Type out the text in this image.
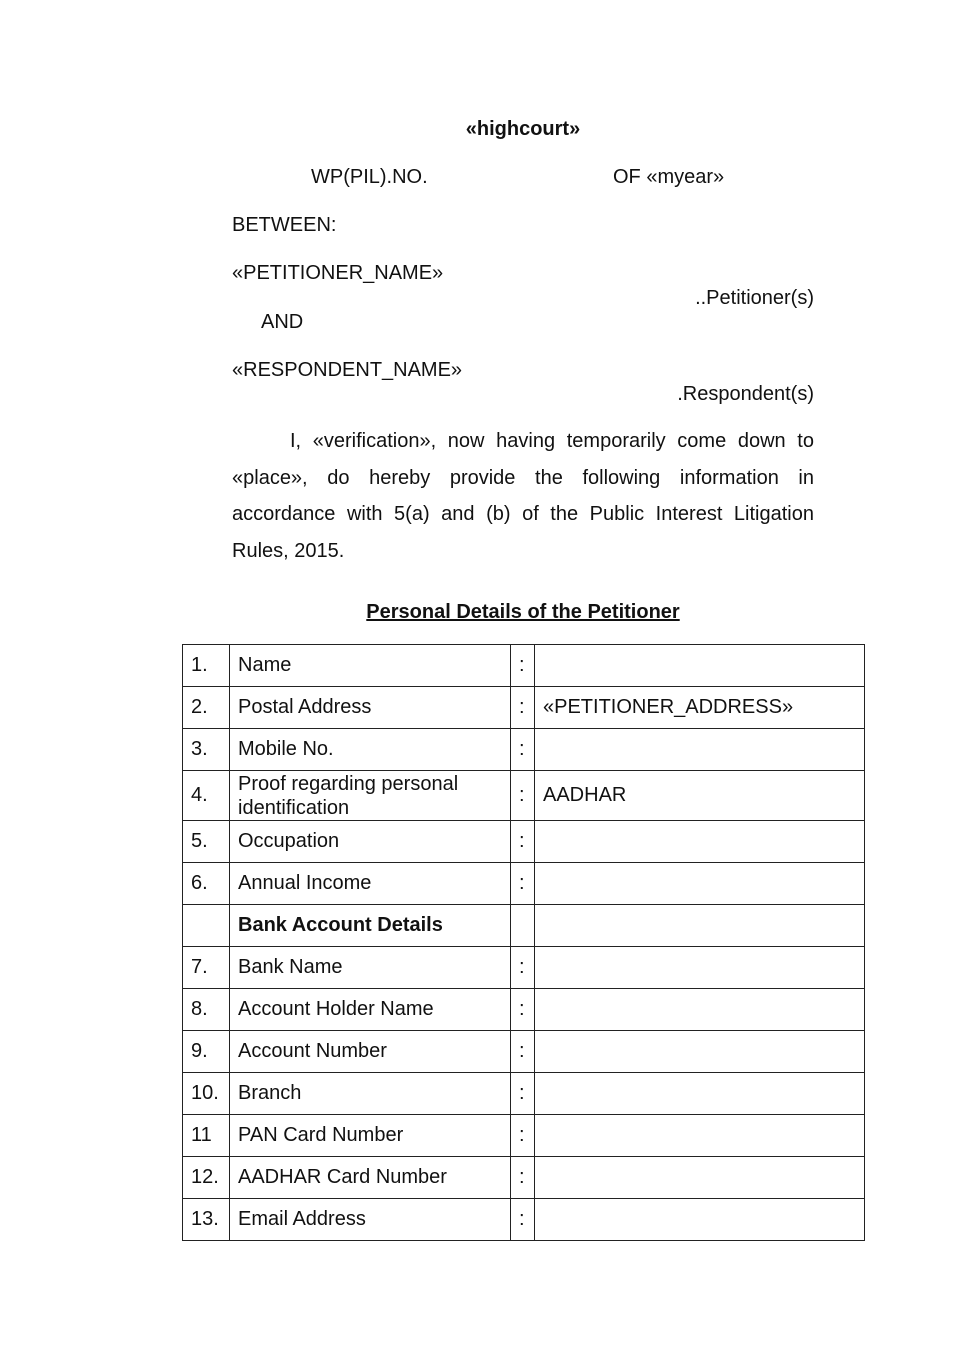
«highcourt»
WP(PIL).NO.	OF «myear»
BETWEEN:
«PETITIONER_NAME»
..Petitioner(s)
AND
«RESPONDENT_NAME»
.Respondent(s)
I, «verification», now having temporarily come down to «place», do hereby provide the following information in accordance with 5(a) and (b) of the Public Interest Litigation Rules, 2015.
Personal Details of the Petitioner
1.	Name	:	
2.	Postal Address	:	«PETITIONER_ADDRESS»
3.	Mobile No.	:	
4.	Proof regarding personal identification	:	AADHAR
5.	Occupation	:	
6.	Annual Income	:	
	Bank Account Details		
7.	Bank Name	:	
8.	Account Holder Name	:	
9.	Account Number	:	
10.	Branch	:	
11	PAN Card Number	:	
12.	AADHAR Card Number	:	
13.	Email Address	:	
